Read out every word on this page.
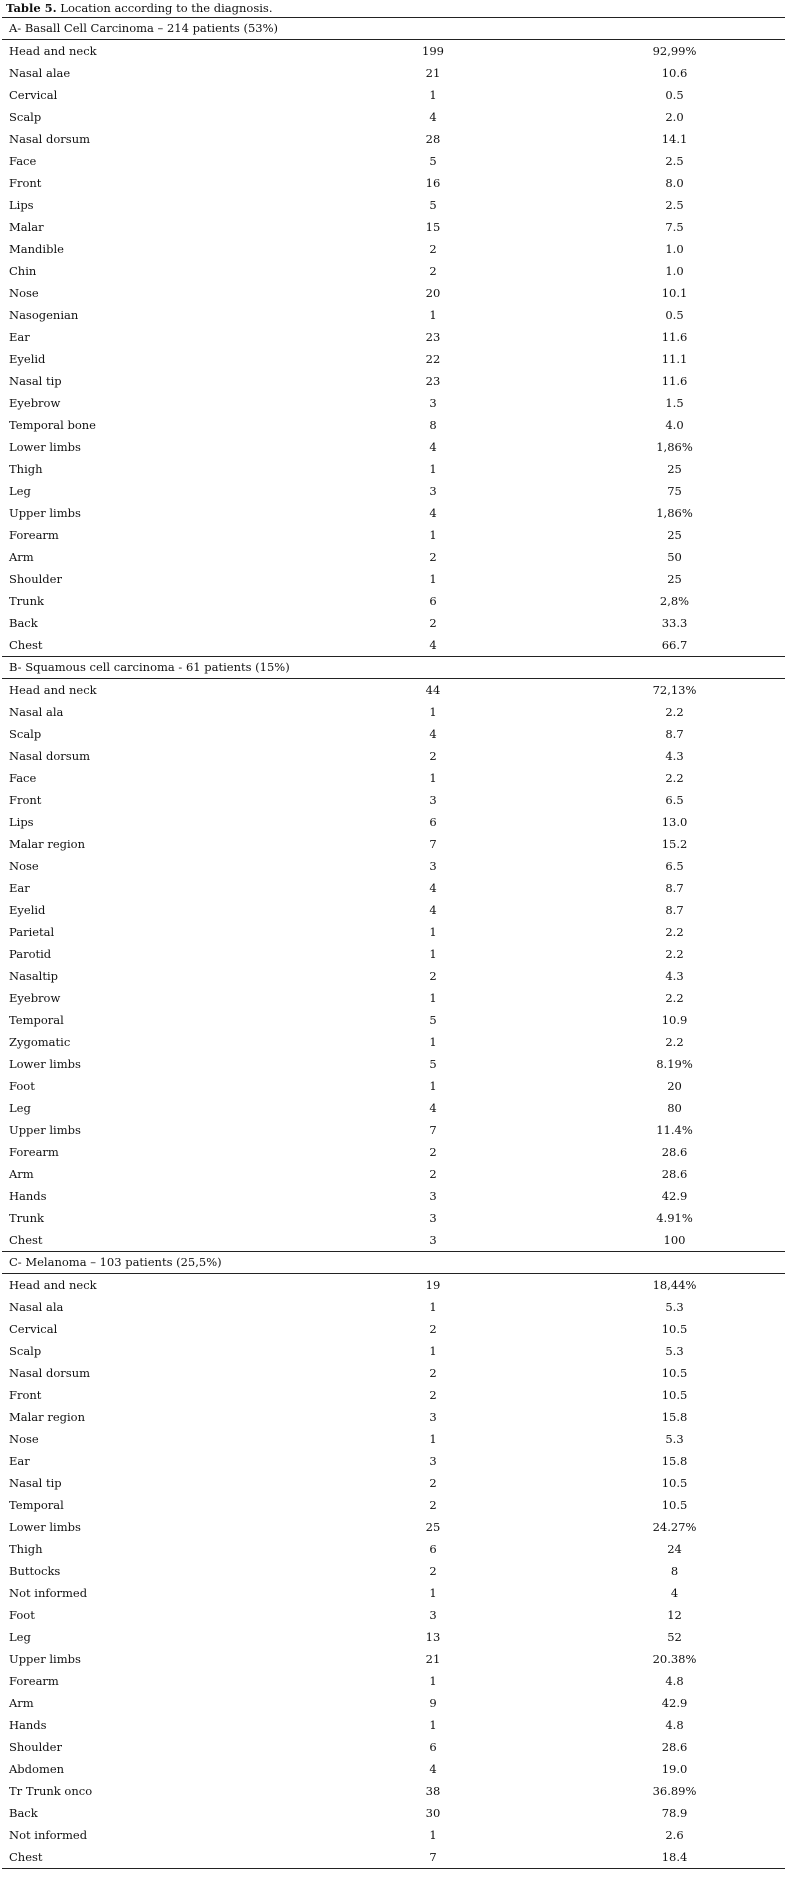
Table 5. Location according to the diagnosis.
A- Basall Cell Carcinoma – 214 patients (53%)		
Head and neck	199	92,99%
Nasal alae	21	10.6
Cervical	1	0.5
Scalp	4	2.0
Nasal dorsum	28	14.1
Face	5	2.5
Front	16	8.0
Lips	5	2.5
Malar	15	7.5
Mandible	2	1.0
Chin	2	1.0
Nose	20	10.1
Nasogenian	1	0.5
Ear	23	11.6
Eyelid	22	11.1
Nasal tip	23	11.6
Eyebrow	3	1.5
Temporal bone	8	4.0
Lower limbs	4	1,86%
Thigh	1	25
Leg	3	75
Upper limbs	4	1,86%
Forearm	1	25
Arm	2	50
Shoulder	1	25
Trunk	6	2,8%
Back	2	33.3
Chest	4	66.7
B- Squamous cell carcinoma - 61 patients (15%)		
Head and neck	44	72,13%
Nasal ala	1	2.2
Scalp	4	8.7
Nasal dorsum	2	4.3
Face	1	2.2
Front	3	6.5
Lips	6	13.0
Malar region	7	15.2
Nose	3	6.5
Ear	4	8.7
Eyelid	4	8.7
Parietal	1	2.2
Parotid	1	2.2
Nasaltip	2	4.3
Eyebrow	1	2.2
Temporal	5	10.9
Zygomatic	1	2.2
Lower limbs	5	8.19%
Foot	1	20
Leg	4	80
Upper limbs	7	11.4%
Forearm	2	28.6
Arm	2	28.6
Hands	3	42.9
Trunk	3	4.91%
Chest	3	100
C- Melanoma – 103 patients (25,5%)		
Head and neck	19	18,44%
Nasal ala	1	5.3
Cervical	2	10.5
Scalp	1	5.3
Nasal dorsum	2	10.5
Front	2	10.5
Malar region	3	15.8
Nose	1	5.3
Ear	3	15.8
Nasal tip	2	10.5
Temporal	2	10.5
Lower limbs	25	24.27%
Thigh	6	24
Buttocks	2	8
Not informed	1	4
Foot	3	12
Leg	13	52
Upper limbs	21	20.38%
Forearm	1	4.8
Arm	9	42.9
Hands	1	4.8
Shoulder	6	28.6
Abdomen	4	19.0
Tr Trunk onco	38	36.89%
Back	30	78.9
Not informed	1	2.6
Chest	7	18.4
